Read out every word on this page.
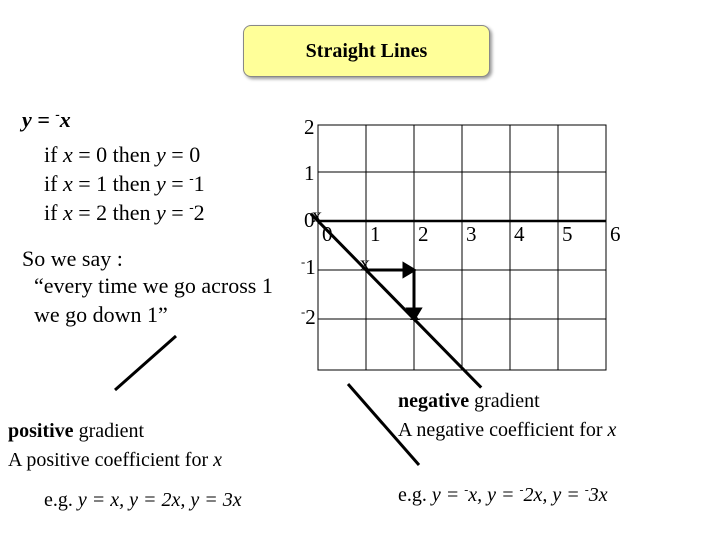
Straight Lines
y = -x
if x = 0 then y = 0
if x = 1 then y = -1
if x = 2 then y = -2
So we say :
“every time we go across 1
we go down 1”
2
1
0
-1
-2
0 1 2 3 4 5 6
x
x
x
positive gradient
A positive coefficient for x
e.g. y = x, y = 2x, y = 3x
negative gradient
A negative coefficient for x
e.g. y = -x, y = -2x, y = -3x
